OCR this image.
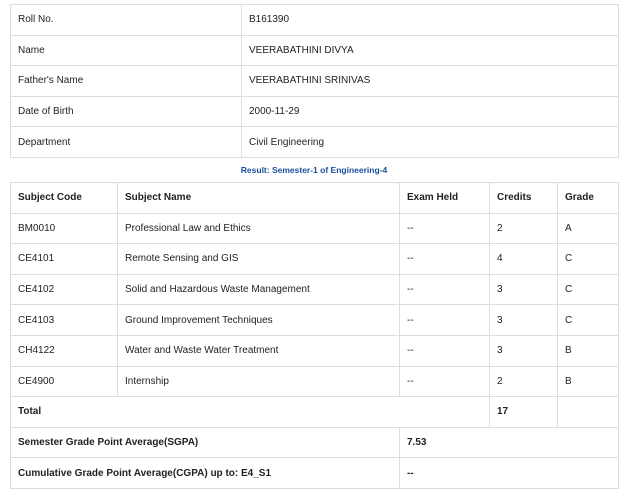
Roll No.	B161390
Name	VEERABATHINI DIVYA
Father's Name	VEERABATHINI SRINIVAS
Date of Birth	2000-11-29
Department	Civil Engineering
Result: Semester-1 of Engineering-4
Subject Code	Subject Name	Exam Held	Credits	Grade
BM0010	Professional Law and Ethics	--	2	A
CE4101	Remote Sensing and GIS	--	4	C
CE4102	Solid and Hazardous Waste Management	--	3	C
CE4103	Ground Improvement Techniques	--	3	C
CH4122	Water and Waste Water Treatment	--	3	B
CE4900	Internship	--	2	B
Total			17	
Semester Grade Point Average(SGPA)		7.53		
Cumulative Grade Point Average(CGPA) up to: E4_S1		--		
